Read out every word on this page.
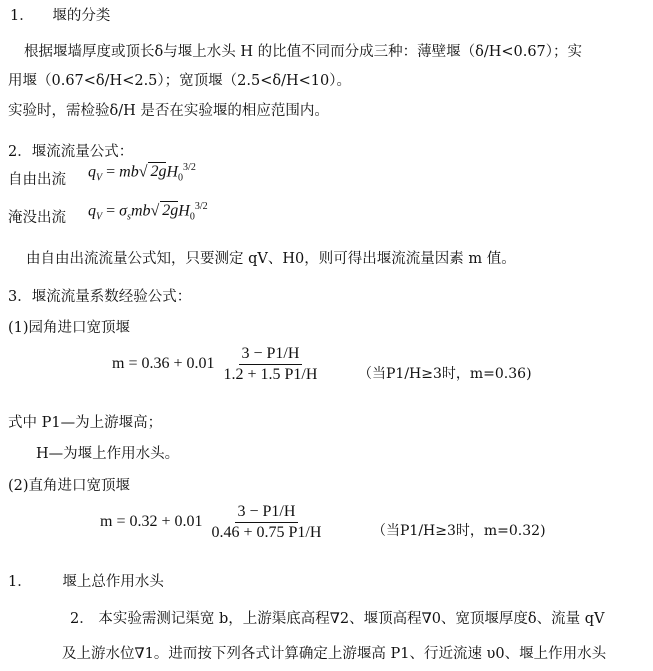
1． 堰的分类
根据堰墙厚度或顶长δ与堰上水头 H 的比值不同而分成三种：薄壁堰（δ/H<0.67）；实
用堰（0.67<δ/H<2.5）；宽顶堰（2.5<δ/H<10）。
实验时，需检验δ/H 是否在实验堰的相应范围内。
2．堰流流量公式：
自由出流 $q_V = mb√$ $2gH_0^{3/2}$
淹没出流 $q_V = \sigma_smb√$ $2gH_0^{3/2}$
由自由出流流量公式知，只要测定 qV、H0，则可得出堰流流量因素 m 值。
3．堰流流量系数经验公式：
(1)园角进口宽顶堰
$m = 0.36 + 0.01 \frac{3 - P1/H}{1.2 + 1.5 P1/H}$	（当P1/H≥3时，m=0.36)
式中 P1—为上游堰高；
H—为堰上作用水头。
(2)直角进口宽顶堰
$m = 0.32 + 0.01 \frac{3 - P1/H}{0.46 + 0.75 P1/H}$	（当P1/H≥3时，m=0.32)
1． 堰上总作用水头
2． 本实验需测记渠宽 b，上游渠底高程∇2、堰顶高程∇0、宽顶堰厚度δ、流量 qV
及上游水位∇1。进而按下列各式计算确定上游堰高 P1、行近流速 υ0、堰上作用水头
